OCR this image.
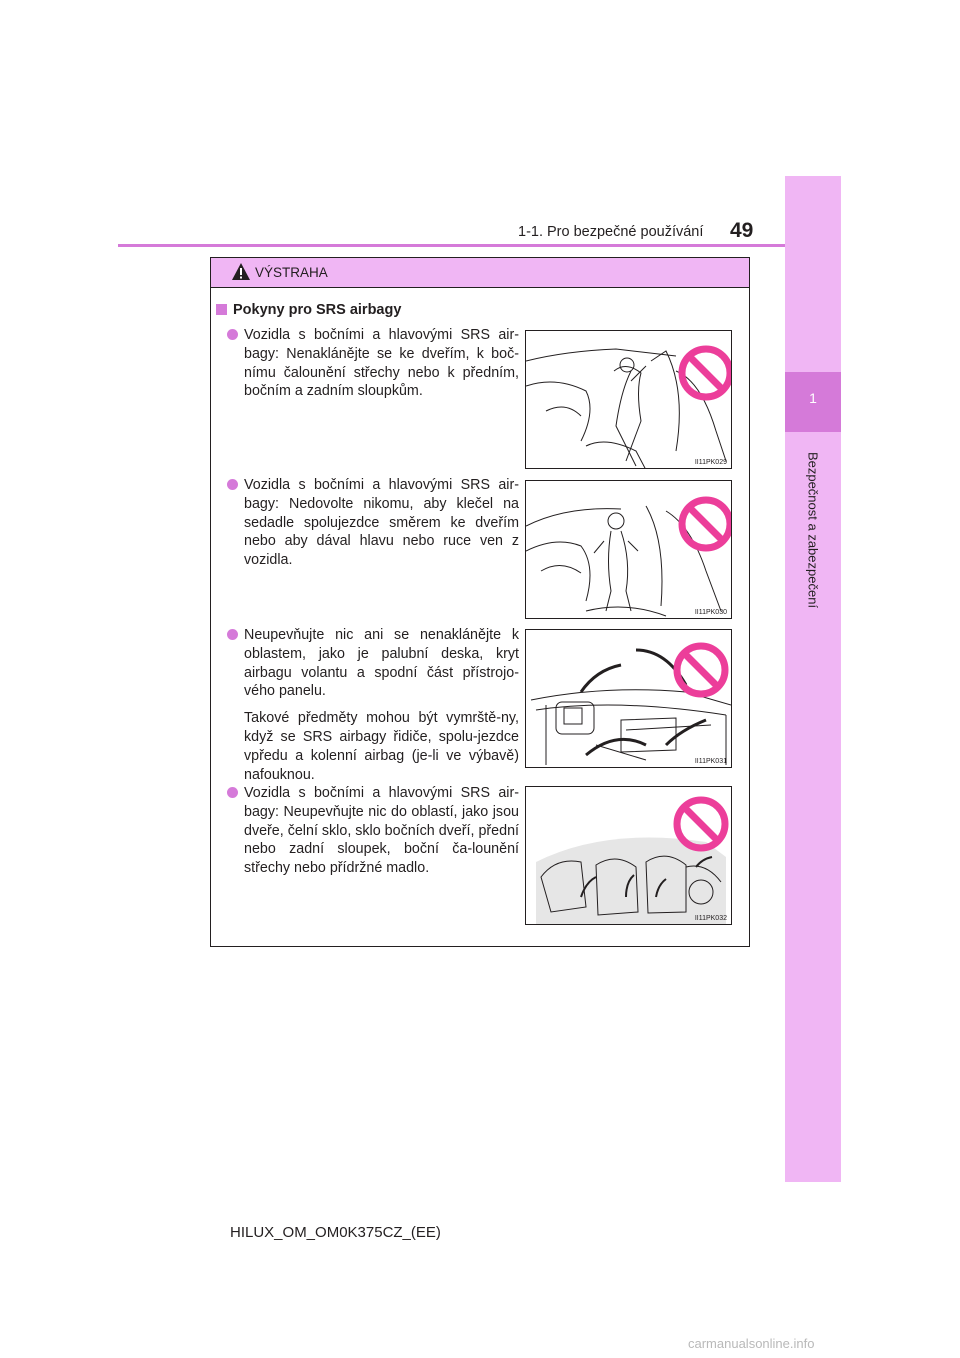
1
Bezpečnost a zabezpečení
1-1. Pro bezpečné používání 49
VÝSTRAHA
Pokyny pro SRS airbagy
Vozidla s bočními a hlavovými SRS air-bagy: Nenaklánějte se ke dveřím, k boč-nímu čalounění střechy nebo k předním, bočním a zadním sloupkům.
II11PK029
Vozidla s bočními a hlavovými SRS air-bagy: Nedovolte nikomu, aby klečel na sedadle spolujezdce směrem ke dveřím nebo aby dával hlavu nebo ruce ven z vozidla.
II11PK030
Neupevňujte nic ani se nenaklánějte k oblastem, jako je palubní deska, kryt airbagu volantu a spodní část přístrojo-vého panelu.
Takové předměty mohou být vymrště-ny, když se SRS airbagy řidiče, spolu-jezdce vpředu a kolenní airbag (je-li ve výbavě) nafouknou.
II11PK031
Vozidla s bočními a hlavovými SRS air-bagy: Neupevňujte nic do oblastí, jako jsou dveře, čelní sklo, sklo bočních dveří, přední nebo zadní sloupek, boční ča-lounění střechy nebo přídržné madlo.
II11PK032
HILUX_OM_OM0K375CZ_(EE)
carmanualsonline.info
